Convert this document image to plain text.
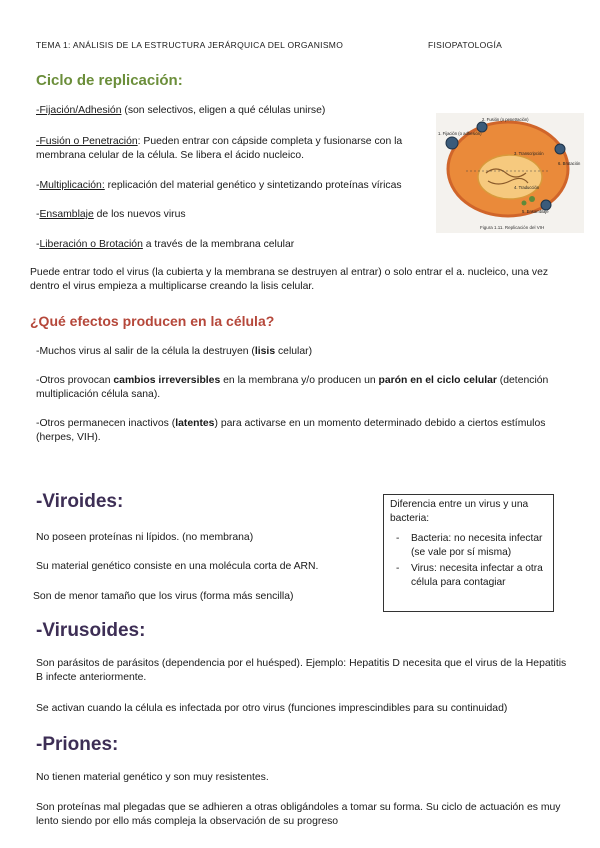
TEMA 1: ANÁLISIS DE LA ESTRUCTURA JERÁRQUICA DEL ORGANISMO	FISIOPATOLOGÍA
Ciclo de replicación:
-Fijación/Adhesión (son selectivos, eligen a qué células unirse)
-Fusión o Penetración: Pueden entrar con cápside completa y fusionarse con la
membrana celular de la célula. Se libera el ácido nucleico.
-Multiplicación: replicación del material genético y sintetizando proteínas víricas
-Ensamblaje de los nuevos virus
-Liberación o Brotación a través de la membrana celular
Puede entrar todo el virus (la cubierta y la membrana se destruyen al entrar) o solo entrar el a. nucleico, una vez
dentro el virus empieza a multiplicarse creando la lisis celular.
1. Fijación (o adhesión)
2. Fusión (o penetración)
3. Transcripción
4. Traducción
5. Ensamblaje
6. Brotación
Figura 1.11. Replicación del VIH
¿Qué efectos producen en la célula?
-Muchos virus al salir de la célula la destruyen (lisis celular)
-Otros provocan cambios irreversibles en la membrana y/o producen un parón en el ciclo celular (detención
multiplicación célula sana).
-Otros permanecen inactivos (latentes) para activarse en un momento determinado debido a ciertos estímulos
(herpes, VIH).
-Viroides:
No poseen proteínas ni lípidos. (no membrana)
Su material genético consiste en una molécula corta de ARN.
Son de menor tamaño que los virus (forma más sencilla)
Diferencia entre un virus y una
bacteria:
- Bacteria: no necesita infectar (se vale por sí misma)
- Virus: necesita infectar a otra célula para contagiar
-Virusoides:
Son parásitos de parásitos (dependencia por el huésped). Ejemplo: Hepatitis D necesita que el virus de la Hepatitis
B infecte anteriormente.
Se activan cuando la célula es infectada por otro virus (funciones imprescindibles para su continuidad)
-Priones:
No tienen material genético y son muy resistentes.
Son proteínas mal plegadas que se adhieren a otras obligándoles a tomar su forma. Su ciclo de actuación es muy
lento siendo por ello más compleja la observación de su progreso
